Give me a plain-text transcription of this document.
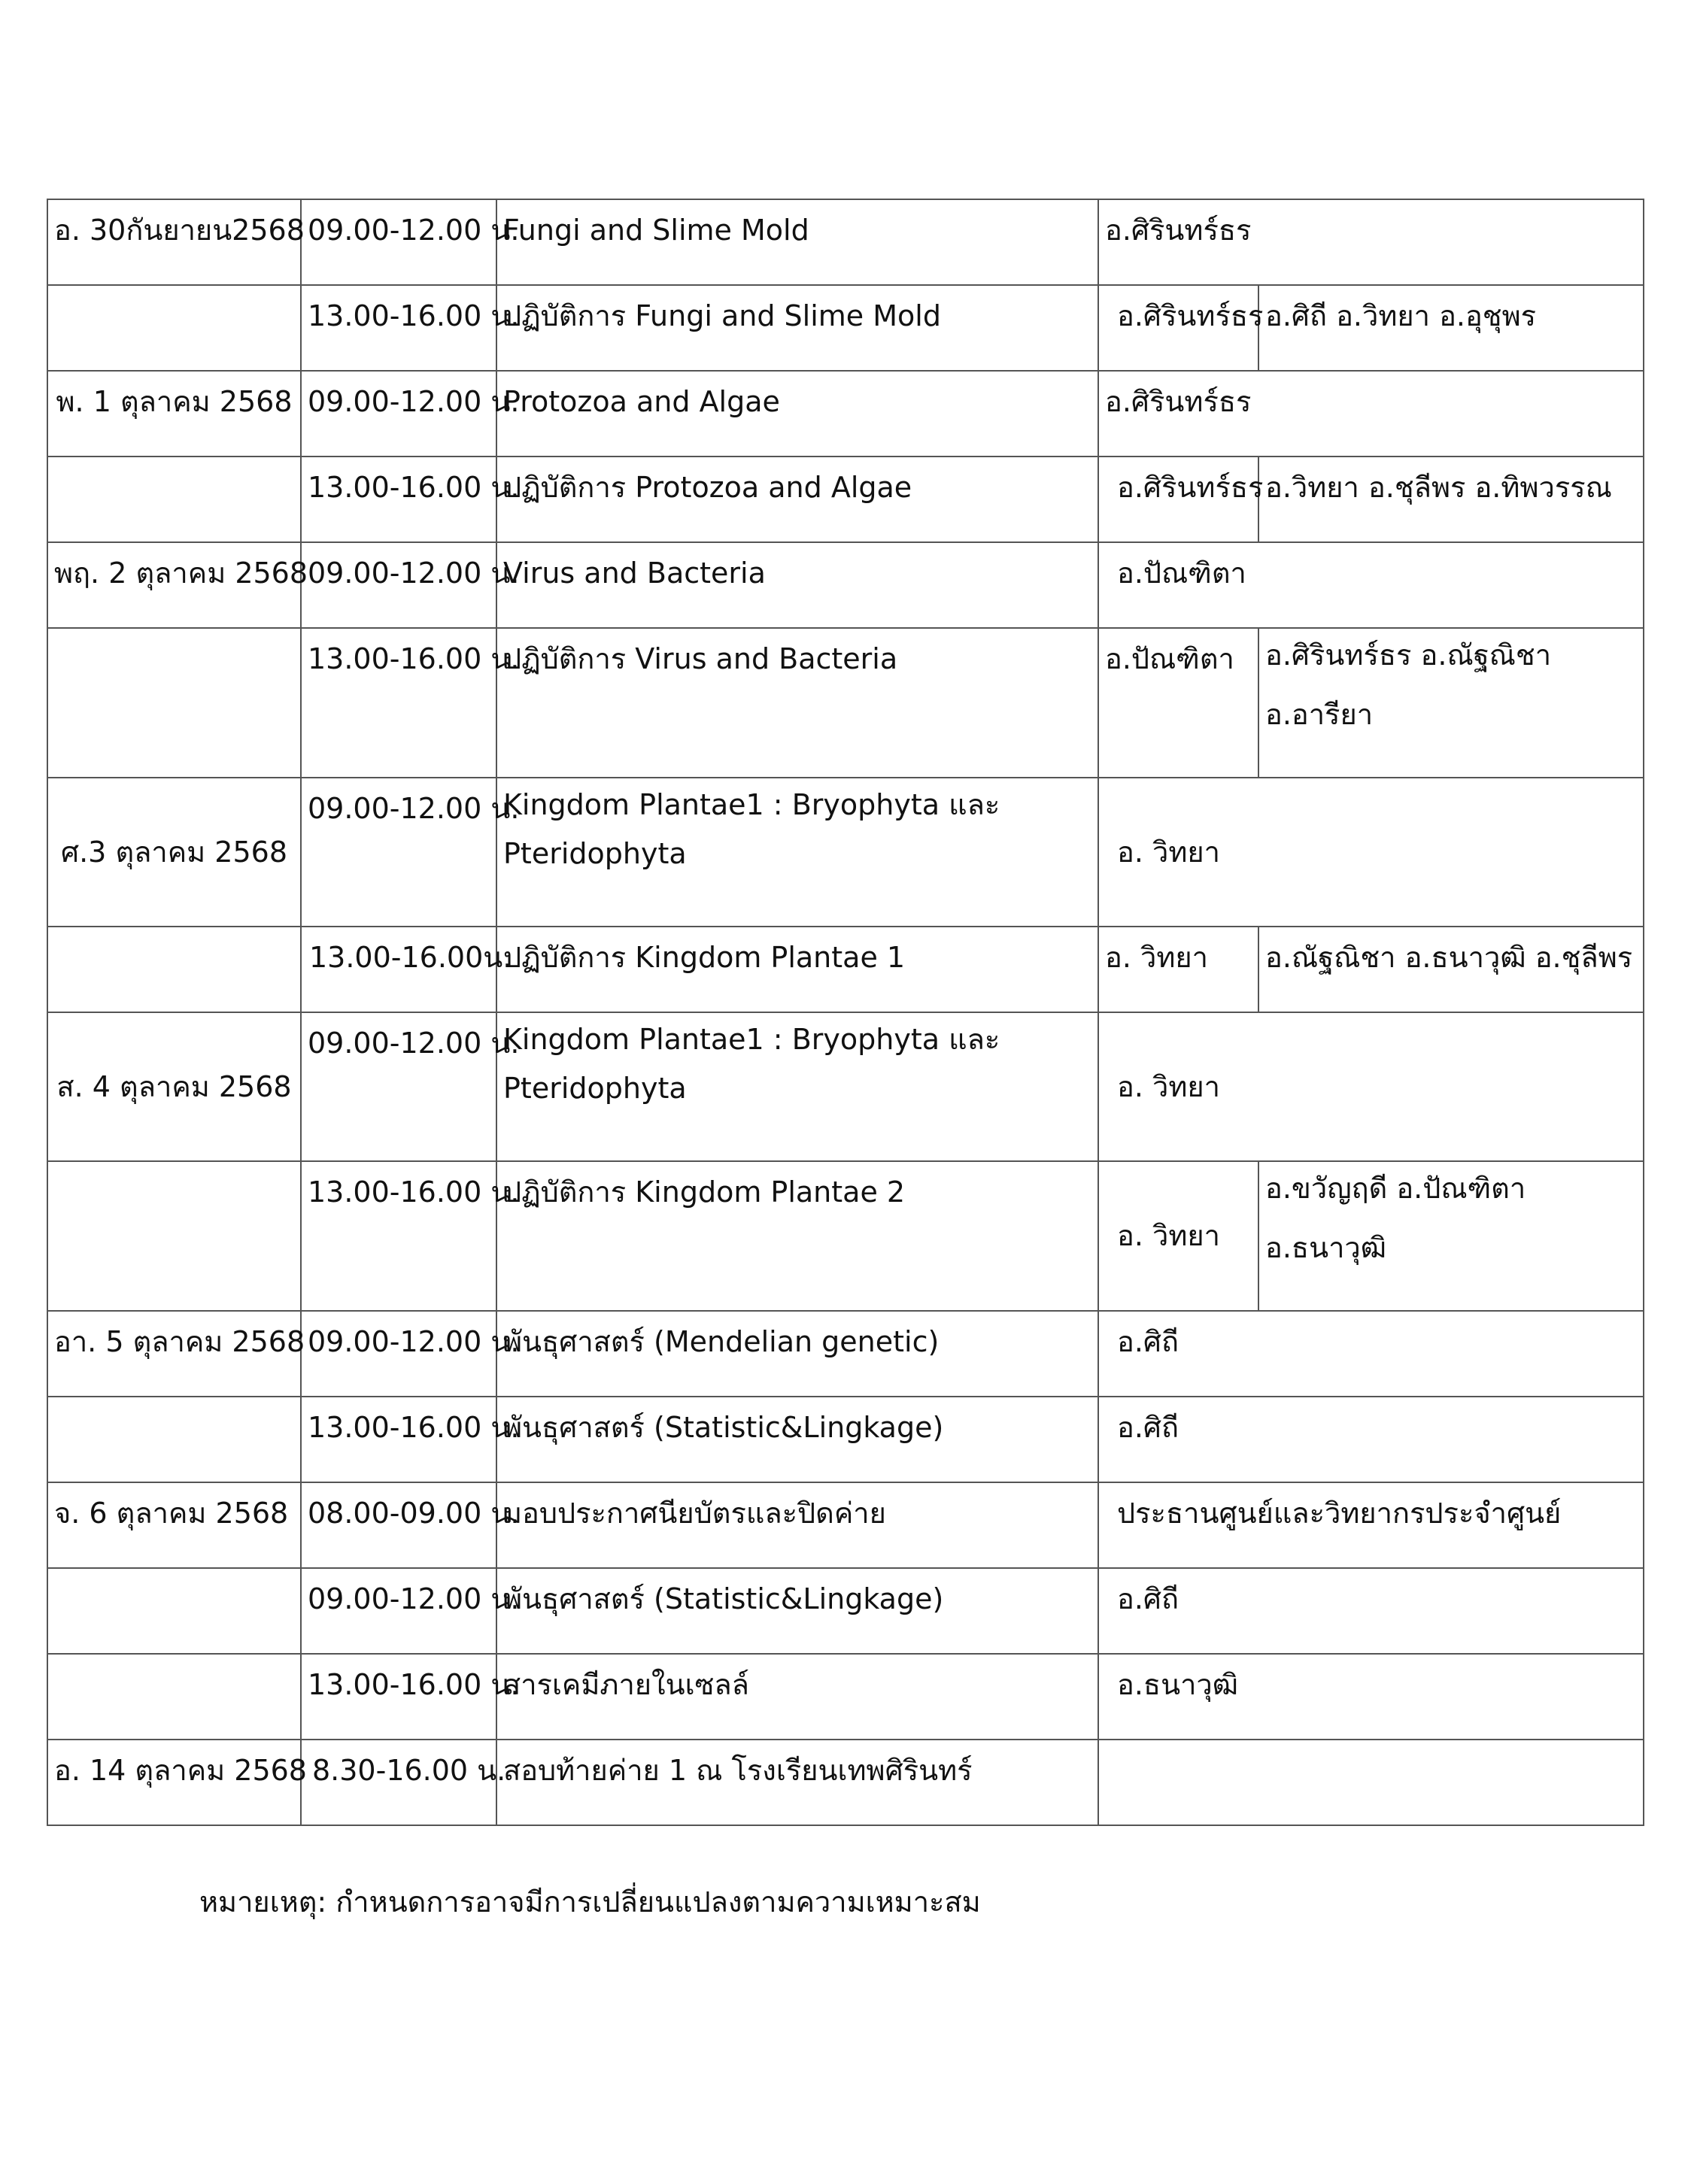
อ. 30กันยายน2568	09.00-12.00 น.	Fungi and Slime Mold	อ.ศิรินทร์ธร	
	13.00-16.00 น.	ปฏิบัติการ Fungi and Slime Mold	อ.ศิรินทร์ธร	อ.ศิถี อ.วิทยา อ.อุชุพร
พ. 1 ตุลาคม 2568	09.00-12.00 น.	Protozoa and Algae	อ.ศิรินทร์ธร	
	13.00-16.00 น.	ปฏิบัติการ Protozoa and Algae	อ.ศิรินทร์ธร	อ.วิทยา อ.ชุลีพร อ.ทิพวรรณ
พฤ. 2 ตุลาคม 2568	09.00-12.00 น.	Virus and Bacteria	อ.ปัณฑิตา	
	13.00-16.00 น.	ปฏิบัติการ Virus and Bacteria	อ.ปัณฑิตา	อ.ศิรินทร์ธร อ.ณัฐณิชา
อ.อารียา

ศ.3 ตุลาคม 2568	09.00-12.00 น.	Kingdom Plantae1 : Bryophyta และ
Pteridophyta	อ. วิทยา	
	13.00-16.00น.	ปฏิบัติการ Kingdom Plantae 1	อ. วิทยา	อ.ณัฐณิชา อ.ธนาวุฒิ อ.ชุลีพร
ส. 4 ตุลาคม 2568	09.00-12.00 น.	Kingdom Plantae1 : Bryophyta และ
Pteridophyta	อ. วิทยา	
	13.00-16.00 น.	ปฏิบัติการ Kingdom Plantae 2	อ. วิทยา	อ.ขวัญฤดี อ.ปัณฑิตา
อ.ธนาวุฒิ

อา. 5 ตุลาคม 2568	09.00-12.00 น.	พันธุศาสตร์ (Mendelian genetic)	อ.ศิถี	
	13.00-16.00 น.	พันธุศาสตร์ (Statistic&Lingkage)	อ.ศิถี	
จ. 6 ตุลาคม 2568	08.00-09.00 น.	มอบประกาศนียบัตรและปิดค่าย	ประธานศูนย์และวิทยากรประจำศูนย์	
	09.00-12.00 น.	พันธุศาสตร์ (Statistic&Lingkage)	อ.ศิถี	
	13.00-16.00 น.	สารเคมีภายในเซลล์	อ.ธนาวุฒิ	
อ. 14 ตุลาคม 2568	8.30-16.00 น.	สอบท้ายค่าย 1 ณ โรงเรียนเทพศิรินทร์		
หมายเหตุ: กำหนดการอาจมีการเปลี่ยนแปลงตามความเหมาะสม
